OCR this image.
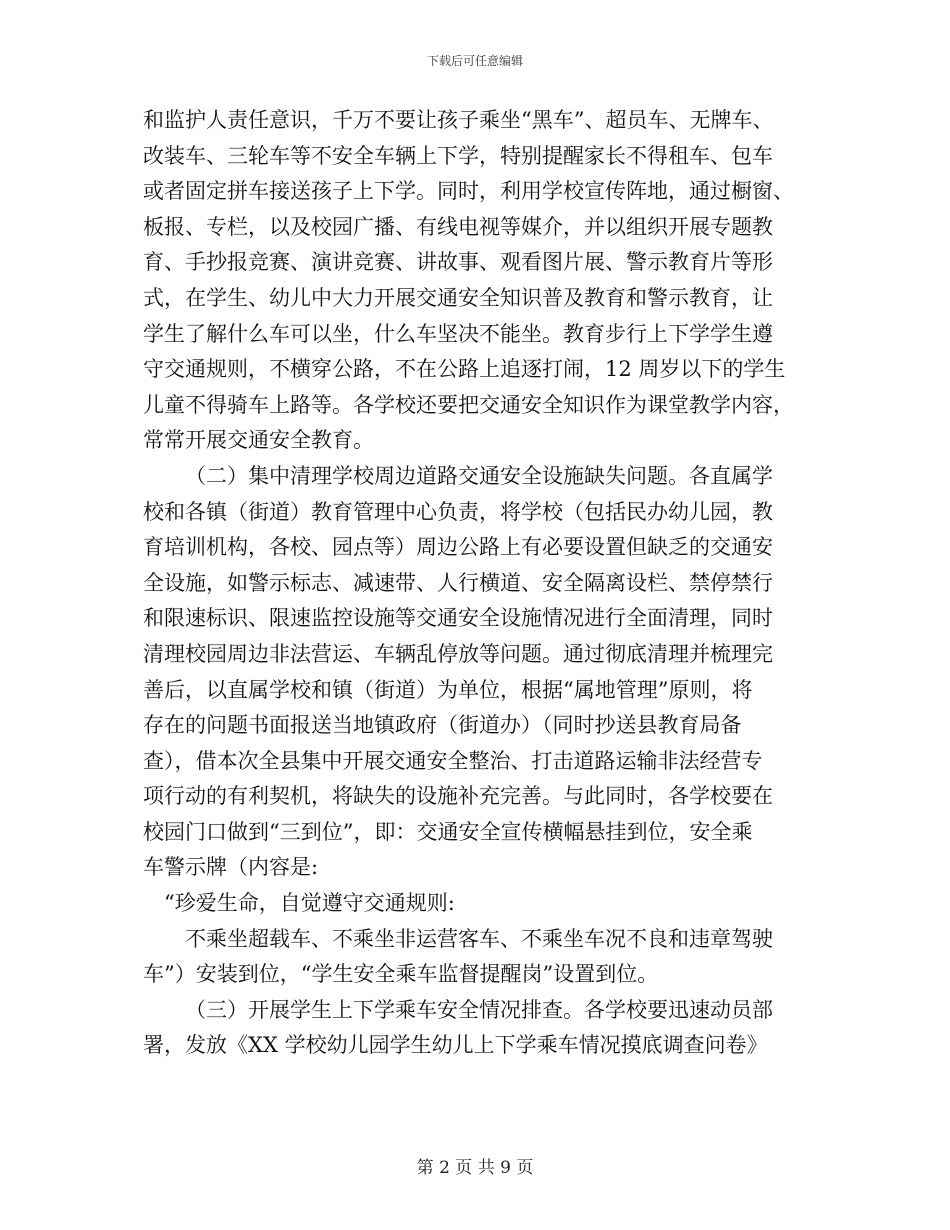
下载后可任意编辑
和监护人责任意识，千万不要让孩子乘坐“黑车”、超员车、无牌车、
改装车、三轮车等不安全车辆上下学，特别提醒家长不得租车、包车
或者固定拼车接送孩子上下学。同时，利用学校宣传阵地，通过橱窗、
板报、专栏，以及校园广播、有线电视等媒介，并以组织开展专题教
育、手抄报竞赛、演讲竞赛、讲故事、观看图片展、警示教育片等形
式，在学生、幼儿中大力开展交通安全知识普及教育和警示教育，让
学生了解什么车可以坐，什么车坚决不能坐。教育步行上下学学生遵
守交通规则，不横穿公路，不在公路上追逐打闹，12 周岁以下的学生
儿童不得骑车上路等。各学校还要把交通安全知识作为课堂教学内容，
常常开展交通安全教育。
（二）集中清理学校周边道路交通安全设施缺失问题。各直属学
校和各镇（街道）教育管理中心负责，将学校（包括民办幼儿园，教
育培训机构，各校、园点等）周边公路上有必要设置但缺乏的交通安
全设施，如警示标志、减速带、人行横道、安全隔离设栏、禁停禁行
和限速标识、限速监控设施等交通安全设施情况进行全面清理，同时
清理校园周边非法营运、车辆乱停放等问题。通过彻底清理并梳理完
善后，以直属学校和镇（街道）为单位，根据“属地管理”原则，将
存在的问题书面报送当地镇政府（街道办）（同时抄送县教育局备
查），借本次全县集中开展交通安全整治、打击道路运输非法经营专
项行动的有利契机，将缺失的设施补充完善。与此同时，各学校要在
校园门口做到“三到位”，即：交通安全宣传横幅悬挂到位，安全乘
车警示牌（内容是:
“珍爱生命，自觉遵守交通规则:
不乘坐超载车、不乘坐非运营客车、不乘坐车况不良和违章驾驶
车”）安装到位，“学生安全乘车监督提醒岗”设置到位。
（三）开展学生上下学乘车安全情况排查。各学校要迅速动员部
署，发放《XX 学校幼儿园学生幼儿上下学乘车情况摸底调查问卷》
第 2 页 共 9 页
